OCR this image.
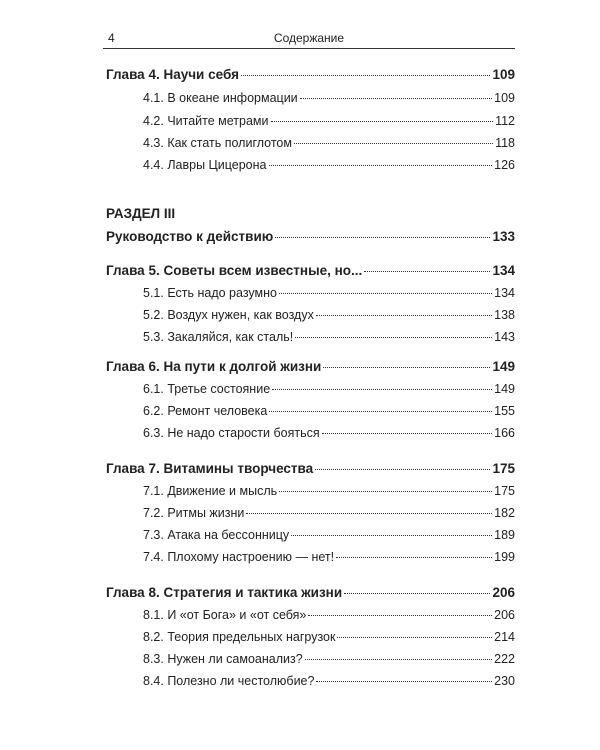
4	Содержание
Глава 4. Научи себя	109
4.1. В океане информации	109
4.2. Читайте метрами	112
4.3. Как стать полиглотом	118
4.4. Лавры Цицерона	126
РАЗДЕЛ III
Руководство к действию	133
Глава 5. Советы всем известные, но...	134
5.1. Есть надо разумно	134
5.2. Воздух нужен, как воздух	138
5.3. Закаляйся, как сталь!	143
Глава 6. На пути к долгой жизни	149
6.1. Третье состояние	149
6.2. Ремонт человека	155
6.3. Не надо старости бояться	166
Глава 7. Витамины творчества	175
7.1. Движение и мысль	175
7.2. Ритмы жизни	182
7.3. Атака на бессонницу	189
7.4. Плохому настроению — нет!	199
Глава 8. Стратегия и тактика жизни	206
8.1. И «от Бога» и «от себя»	206
8.2. Теория предельных нагрузок	214
8.3. Нужен ли самоанализ?	222
8.4. Полезно ли честолюбие?	230
